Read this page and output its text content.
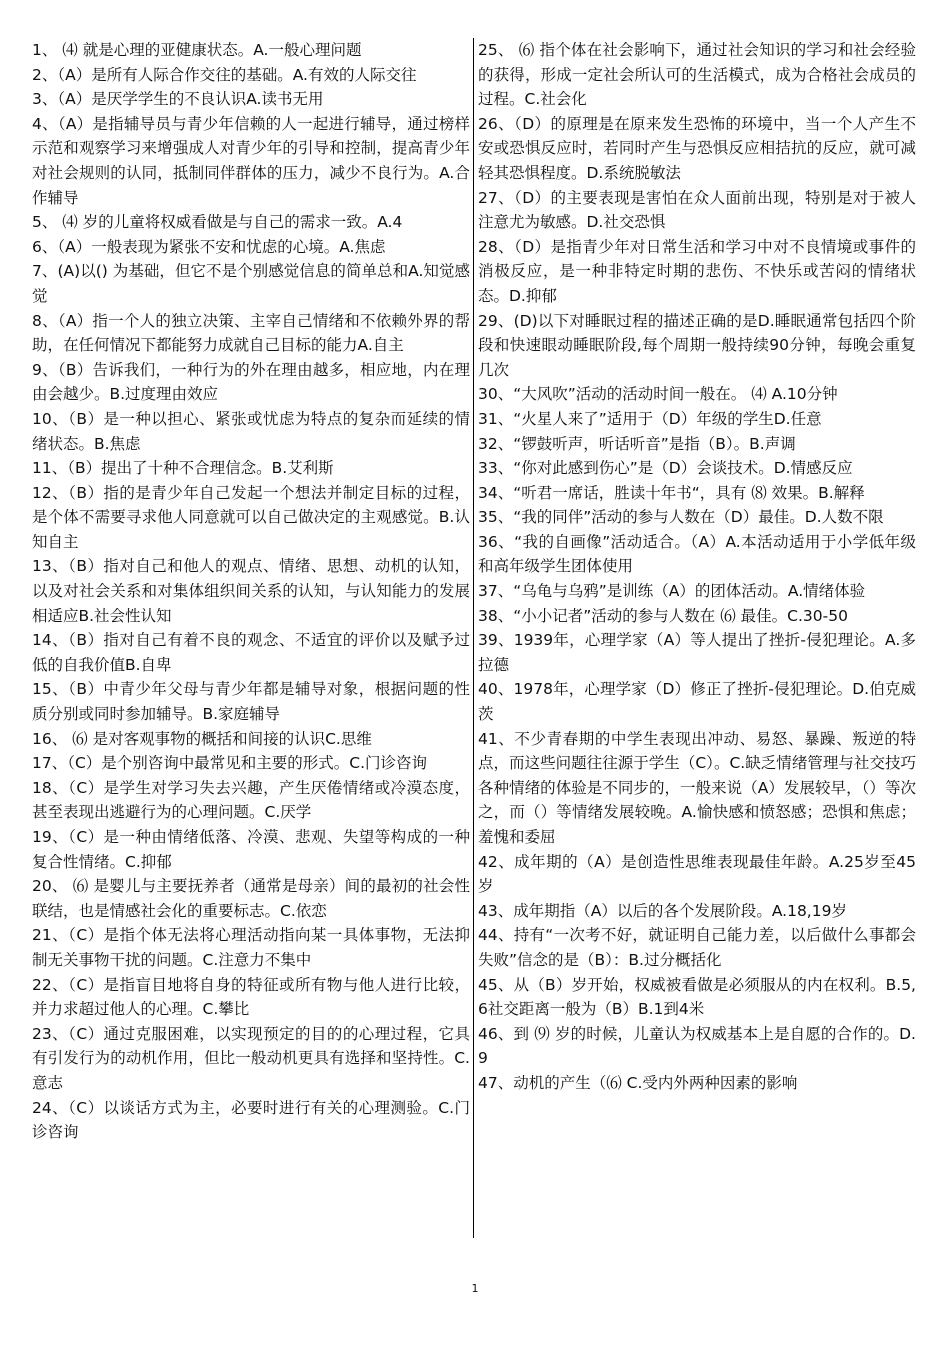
1、 ⑷ 就是心理的亚健康状态。A.一般心理问题

2、（A）是所有人际合作交往的基础。A.有效的人际交往

3、（A）是厌学学生的不良认识A.读书无用

4、（A）是指辅导员与青少年信赖的人一起进行辅导，通过榜样示范和观察学习来增强成人对青少年的引导和控制，提高青少年对社会规则的认同，抵制同伴群体的压力，减少不良行为。A.合作辅导

5、 ⑷ 岁的儿童将权威看做是与自己的需求一致。A.4

6、（A）一般表现为紧张不安和忧虑的心境。A.焦虑

7、(A)以() 为基础，但它不是个别感觉信息的简单总和A.知觉感觉

8、（A）指一个人的独立决策、主宰自己情绪和不依赖外界的帮助，在任何情况下都能努力成就自己目标的能力A.自主

9、（B）告诉我们，一种行为的外在理由越多，相应地，内在理由会越少。B.过度理由效应

10、（B）是一种以担心、紧张或忧虑为特点的复杂而延续的情绪状态。B.焦虑

11、（B）提出了十种不合理信念。B.艾利斯

12、（B）指的是青少年自己发起一个想法并制定目标的过程，是个体不需要寻求他人同意就可以自己做决定的主观感觉。B.认知自主

13、（B）指对自己和他人的观点、情绪、思想、动机的认知，以及对社会关系和对集体组织间关系的认知，与认知能力的发展相适应B.社会性认知

14、（B）指对自己有着不良的观念、不适宜的评价以及赋予过低的自我价值B.自卑

15、（B）中青少年父母与青少年都是辅导对象，根据问题的性质分别或同时参加辅导。B.家庭辅导

16、 ⑹ 是对客观事物的概括和间接的认识C.思维

17、（C）是个别咨询中最常见和主要的形式。C.门诊咨询

18、（C）是学生对学习失去兴趣，产生厌倦情绪或冷漠态度，甚至表现出逃避行为的心理问题。C.厌学

19、（C）是一种由情绪低落、冷漠、悲观、失望等构成的一种复合性情绪。C.抑郁

20、 ⑹ 是婴儿与主要抚养者（通常是母亲）间的最初的社会性联结，也是情感社会化的重要标志。C.依恋

21、（C）是指个体无法将心理活动指向某一具体事物，无法抑制无关事物干扰的问题。C.注意力不集中

22、（C）是指盲目地将自身的特征或所有物与他人进行比较，并力求超过他人的心理。C.攀比

23、（C）通过克服困难，以实现预定的目的的心理过程，它具有引发行为的动机作用，但比一般动机更具有选择和坚持性。C.意志

24、（C）以谈话方式为主，必要时进行有关的心理测验。C.门诊咨询

25、 ⑹ 指个体在社会影响下，通过社会知识的学习和社会经验的获得，形成一定社会所认可的生活模式，成为合格社会成员的过程。C.社会化

26、（D）的原理是在原来发生恐怖的环境中，当一个人产生不安或恐惧反应时，若同时产生与恐惧反应相拮抗的反应，就可减轻其恐惧程度。D.系统脱敏法

27、（D）的主要表现是害怕在众人面前出现，特别是对于被人注意尤为敏感。D.社交恐惧

28、（D）是指青少年对日常生活和学习中对不良情境或事件的消极反应，是一种非特定时期的悲伤、不快乐或苦闷的情绪状态。D.抑郁

29、(D)以下对睡眠过程的描述正确的是D.睡眠通常包括四个阶段和快速眼动睡眠阶段,每个周期一般持续90分钟，每晚会重复几次

30、“大风吹”活动的活动时间一般在。 ⑷ A.10分钟

31、“火星人来了”适用于（D）年级的学生D.任意

32、“锣鼓听声，听话听音”是指（B）。B.声调

33、“你对此感到伤心”是（D）会谈技术。D.情感反应

34、“听君一席话，胜读十年书“，具有 ⑻ 效果。B.解释

35、“我的同伴”活动的参与人数在（D）最佳。D.人数不限

36、“我的自画像”活动适合。（A）A.本活动适用于小学低年级和高年级学生团体使用

37、“乌龟与乌鸦”是训练（A）的团体活动。A.情绪体验

38、“小小记者”活动的参与人数在 ⑹ 最佳。C.30-50

39、1939年，心理学家（A）等人提出了挫折-侵犯理论。A.多拉德

40、1978年，心理学家（D）修正了挫折-侵犯理论。D.伯克威茨

41、不少青春期的中学生表现出冲动、易怒、暴躁、叛逆的特点，而这些问题往往源于学生（C）。C.缺乏情绪管理与社交技巧各种情绪的体验是不同步的，一般来说（A）发展较早，（）等次之，而（）等情绪发展较晚。A.愉快感和愤怒感；恐惧和焦虑；羞愧和委屈

42、成年期的（A）是创造性思维表现最佳年龄。A.25岁至45岁

43、成年期指（A）以后的各个发展阶段。A.18,19岁

44、持有“一次考不好，就证明自己能力差，以后做什么事都会失败”信念的是（B）：B.过分概括化

45、从（B）岁开始，权威被看做是必须服从的内在权利。B.5,6社交距离一般为（B）B.1到4米

46、到 ⑼ 岁的时候，儿童认为权威基本上是自愿的合作的。D.9

47、动机的产生（⑹ C.受内外两种因素的影响

1
